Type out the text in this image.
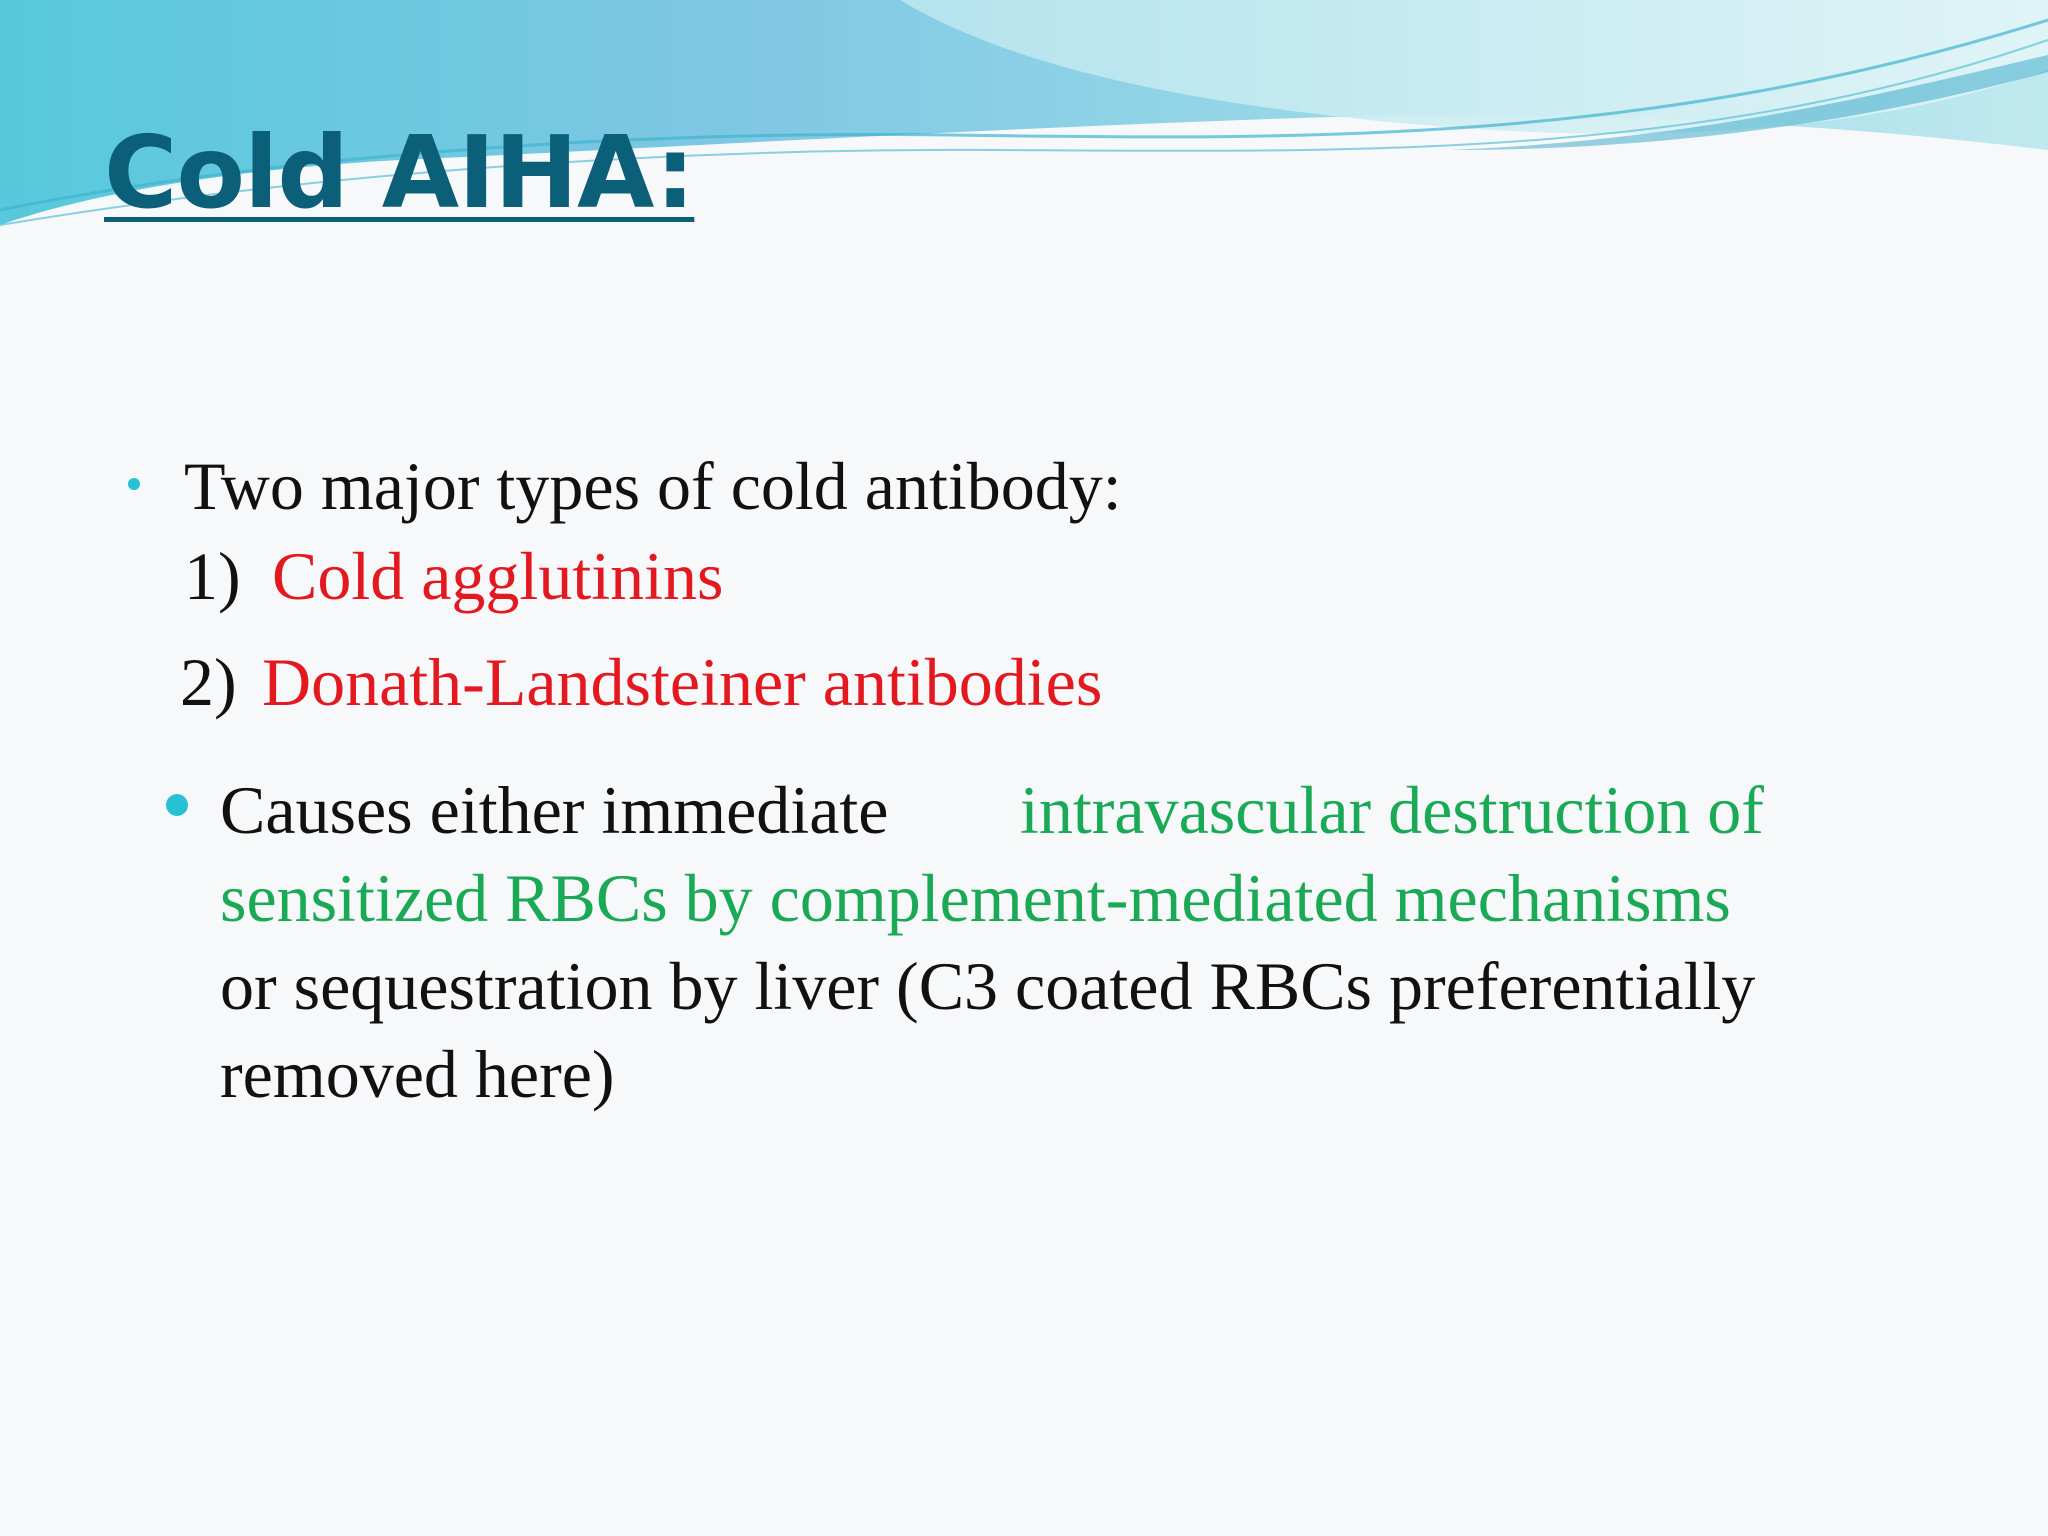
Cold AIHA:
Two major types of cold antibody:
1) Cold agglutinins
2) Donath-Landsteiner antibodies
Causes either immediate intravascular destruction of
sensitized RBCs by complement-mediated mechanisms
or sequestration by liver (C3 coated RBCs preferentially
removed here)
